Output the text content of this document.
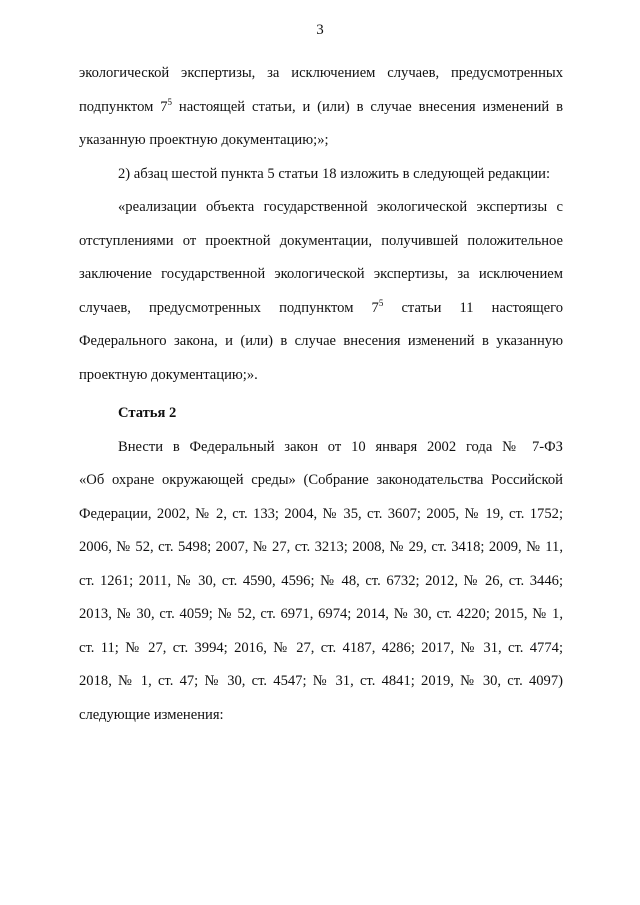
3
экологической экспертизы, за исключением случаев, предусмотренных
подпунктом $7^5$ настоящей статьи, и (или) в случае внесения изменений в
указанную проектную документацию;»;
2) абзац шестой пункта 5 статьи 18 изложить в следующей редакции:
«реализации объекта государственной экологической экспертизы с
отступлениями от проектной документации, получившей положительное
заключение государственной экологической экспертизы, за исключением
случаев, предусмотренных подпунктом $7^5$ статьи 11 настоящего
Федерального закона, и (или) в случае внесения изменений в указанную
проектную документацию;».
Статья 2
Внести в Федеральный закон от 10 января 2002 года № 7-ФЗ
«Об охране окружающей среды» (Собрание законодательства Российской
Федерации, 2002, № 2, ст. 133; 2004, № 35, ст. 3607; 2005, № 19, ст. 1752;
2006, № 52, ст. 5498; 2007, № 27, ст. 3213; 2008, № 29, ст. 3418; 2009, № 11,
ст. 1261; 2011, № 30, ст. 4590, 4596; № 48, ст. 6732; 2012, № 26, ст. 3446;
2013, № 30, ст. 4059; № 52, ст. 6971, 6974; 2014, № 30, ст. 4220; 2015, № 1,
ст. 11; № 27, ст. 3994; 2016, № 27, ст. 4187, 4286; 2017, № 31, ст. 4774;
2018, № 1, ст. 47; № 30, ст. 4547; № 31, ст. 4841; 2019, № 30, ст. 4097)
следующие изменения:
